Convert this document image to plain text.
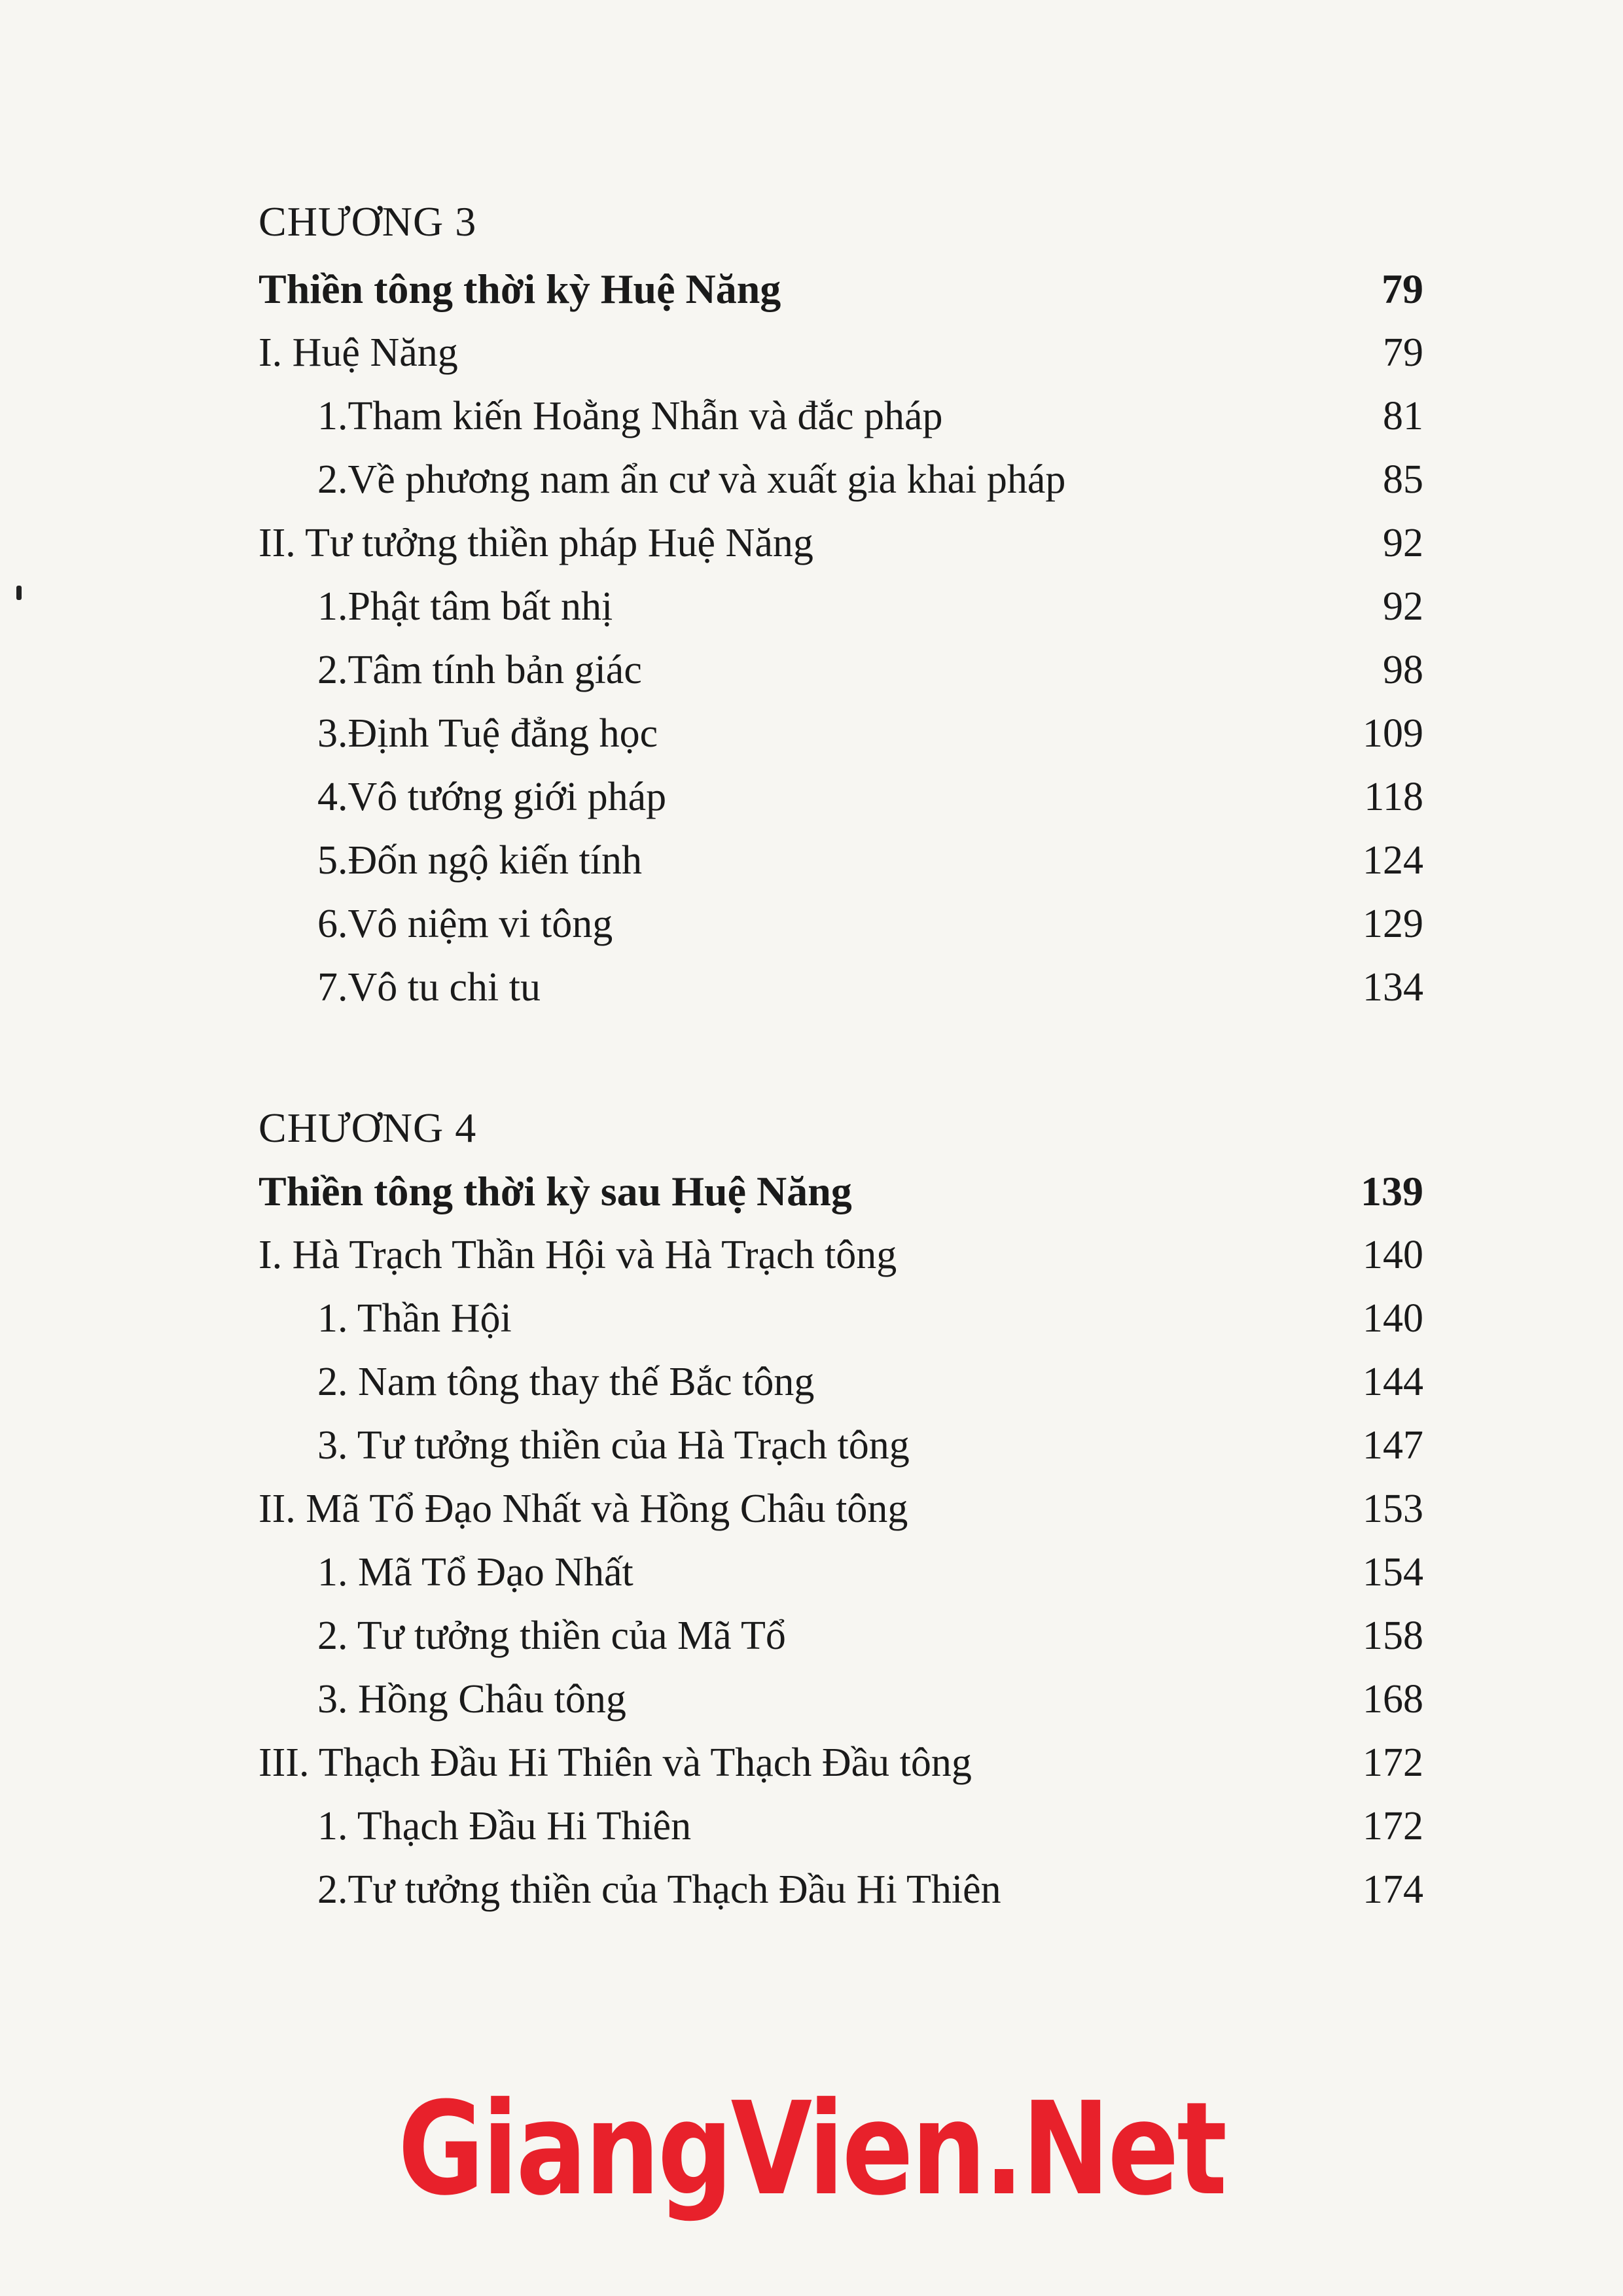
CHƯƠNG 3
Thiền tông thời kỳ Huệ Năng	79
I. Huệ Năng	79
1.Tham kiến Hoằng Nhẫn và đắc pháp	81
2.Về phương nam ẩn cư và xuất gia khai pháp	85
II. Tư tưởng thiền pháp Huệ Năng	92
1.Phật tâm bất nhị	92
2.Tâm tính bản giác	98
3.Định Tuệ đẳng học	109
4.Vô tướng giới pháp	118
5.Đốn ngộ kiến tính	124
6.Vô niệm vi tông	129
7.Vô tu chi tu	134
CHƯƠNG 4
Thiền tông thời kỳ sau Huệ Năng	139
I. Hà Trạch Thần Hội và Hà Trạch tông	140
1. Thần Hội	140
2. Nam tông thay thế Bắc tông	144
3. Tư tưởng thiền của Hà Trạch tông	147
II. Mã Tổ Đạo Nhất và Hồng Châu tông	153
1. Mã Tổ Đạo Nhất	154
2. Tư tưởng thiền của Mã Tổ	158
3. Hồng Châu tông	168
III. Thạch Đầu Hi Thiên và Thạch Đầu tông	172
1. Thạch Đầu Hi Thiên	172
2.Tư tưởng thiền của Thạch Đầu Hi Thiên	174
GiangVien.Net
